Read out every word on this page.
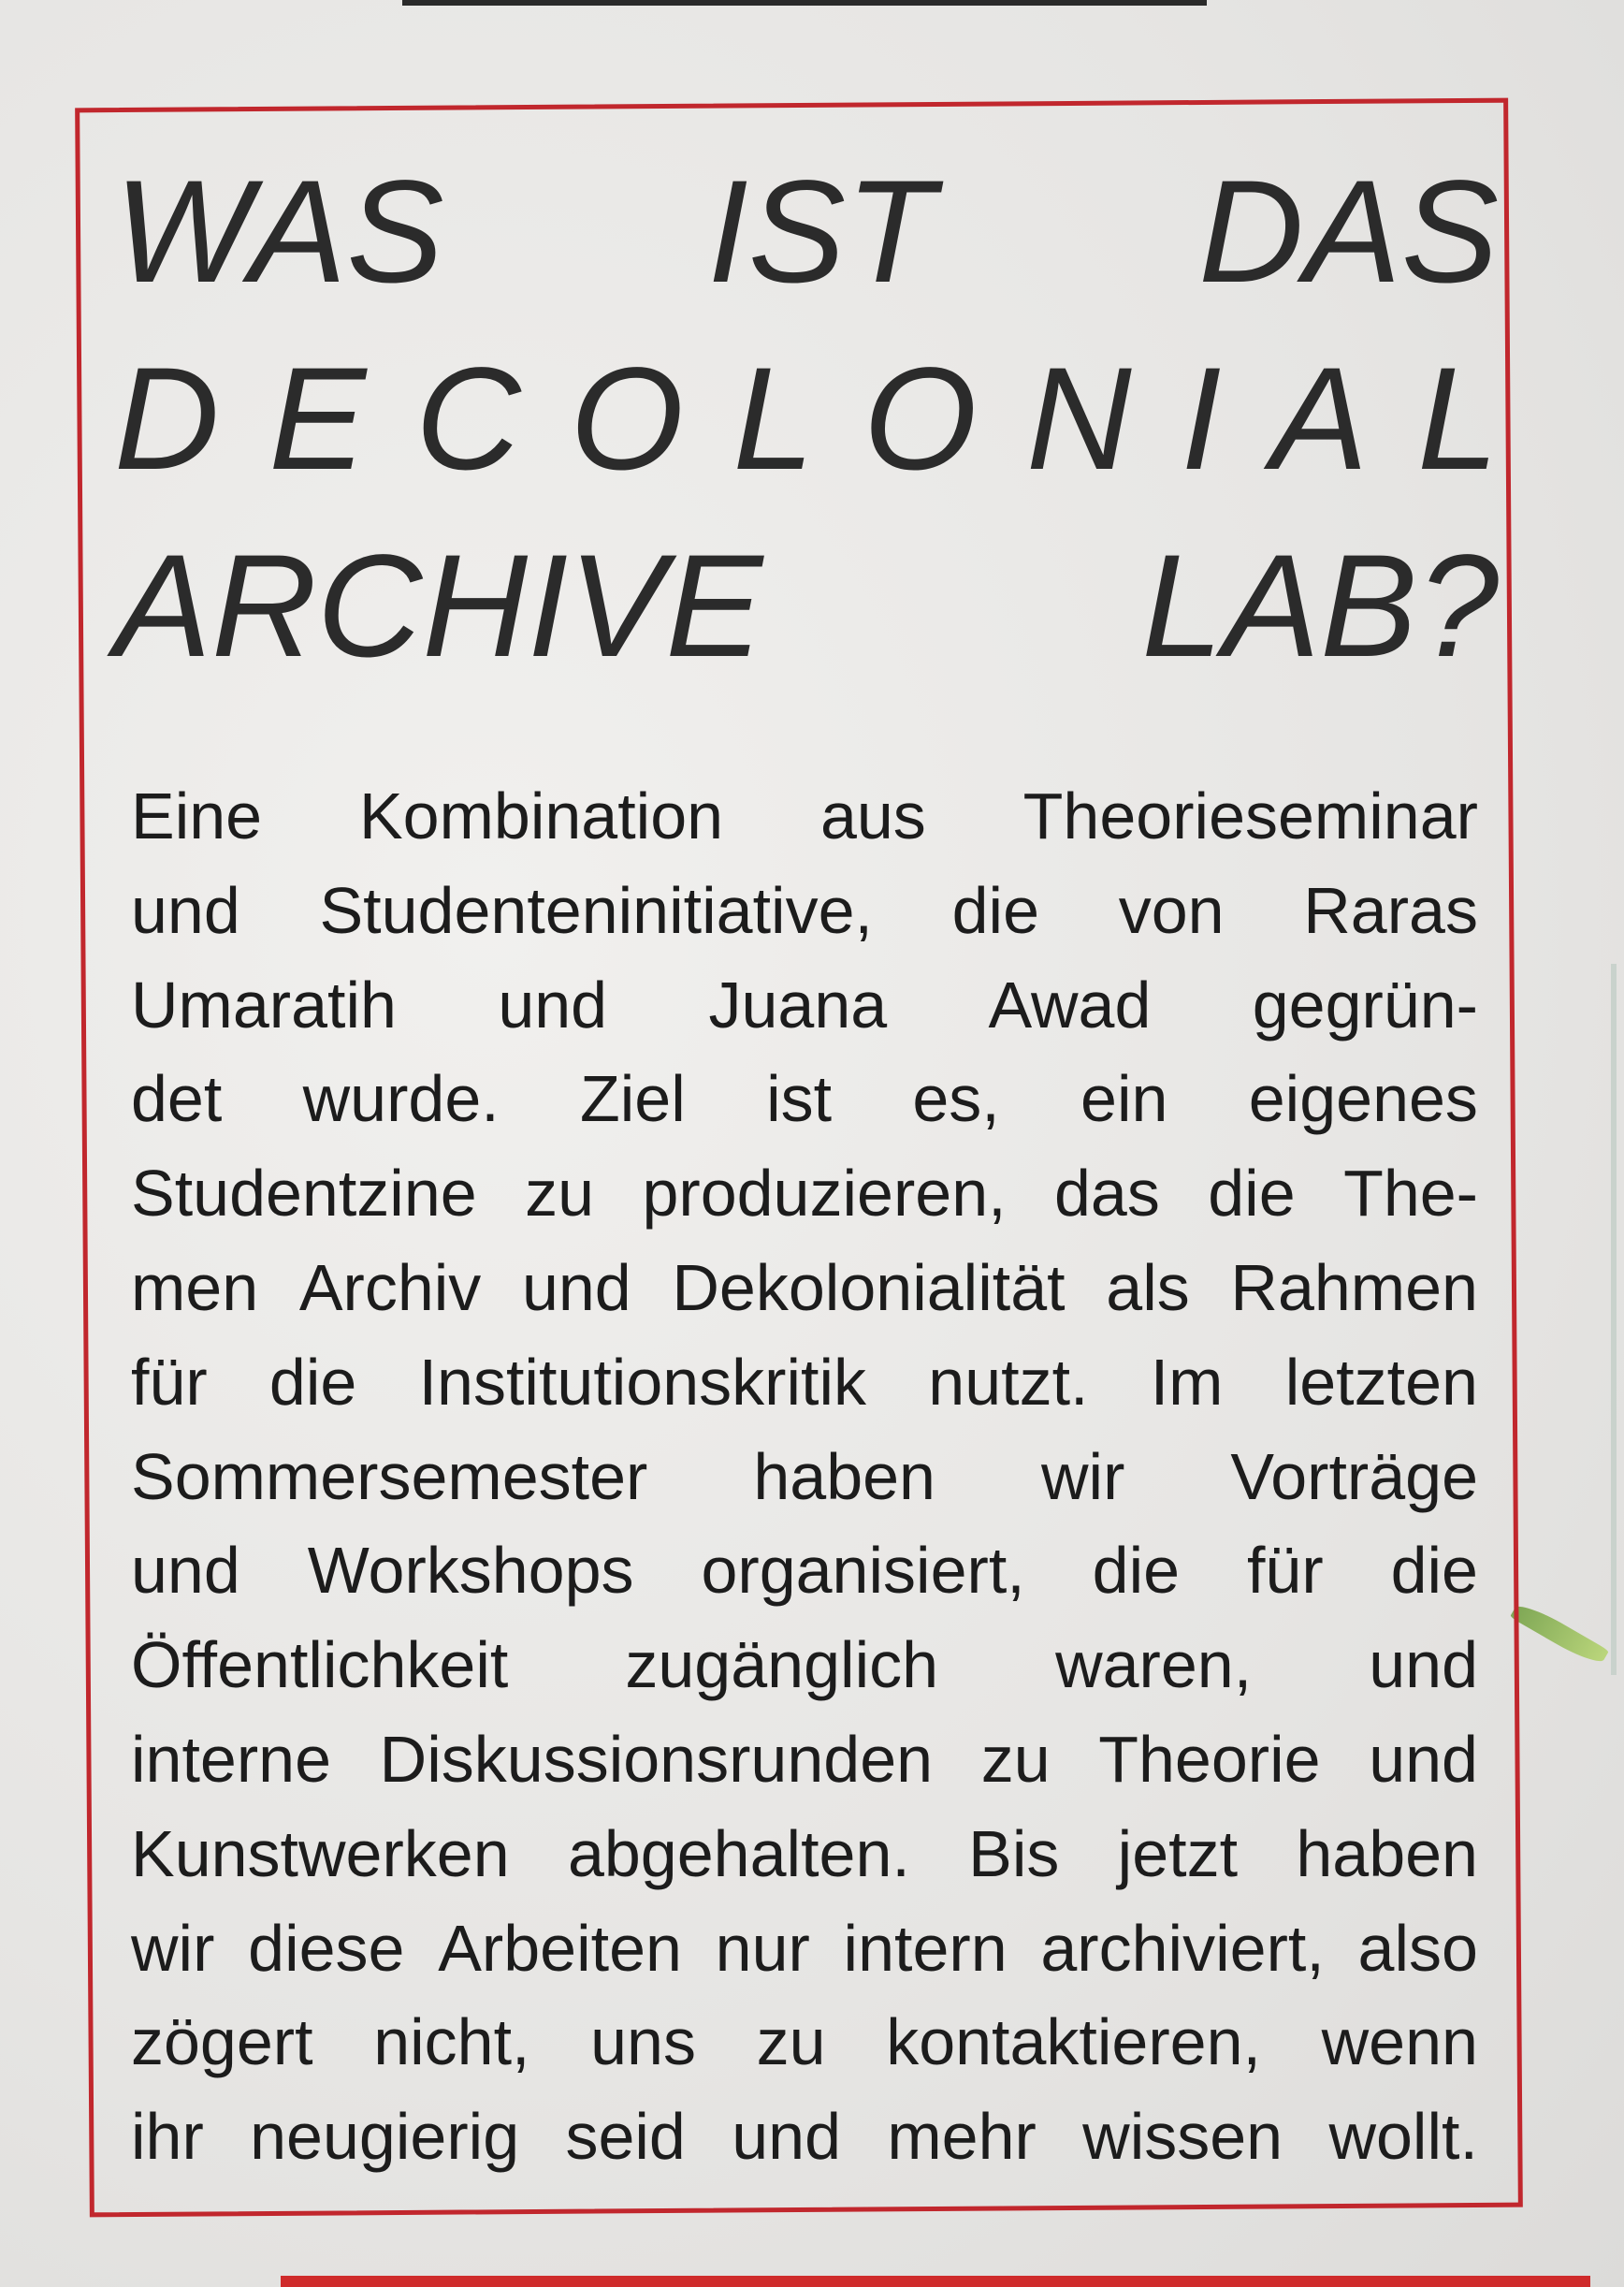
WAS IST DAS
D E C O L O N I A L
ARCHIVE	LAB?

Eine Kombination aus Theorieseminar
und Studenteninitiative, die von Raras
Umaratih und Juana Awad gegrün-
det wurde. Ziel ist es, ein eigenes
Studentzine zu produzieren, das die The-
men Archiv und Dekolonialität als Rahmen
für die Institutionskritik nutzt. Im letzten
Sommersemester haben wir Vorträge
und Workshops organisiert, die für die
Öffentlichkeit zugänglich waren, und
interne Diskussionsrunden zu Theorie und
Kunstwerken abgehalten. Bis jetzt haben
wir diese Arbeiten nur intern archiviert, also
zögert nicht, uns zu kontaktieren, wenn
ihr neugierig seid und mehr wissen wollt.
